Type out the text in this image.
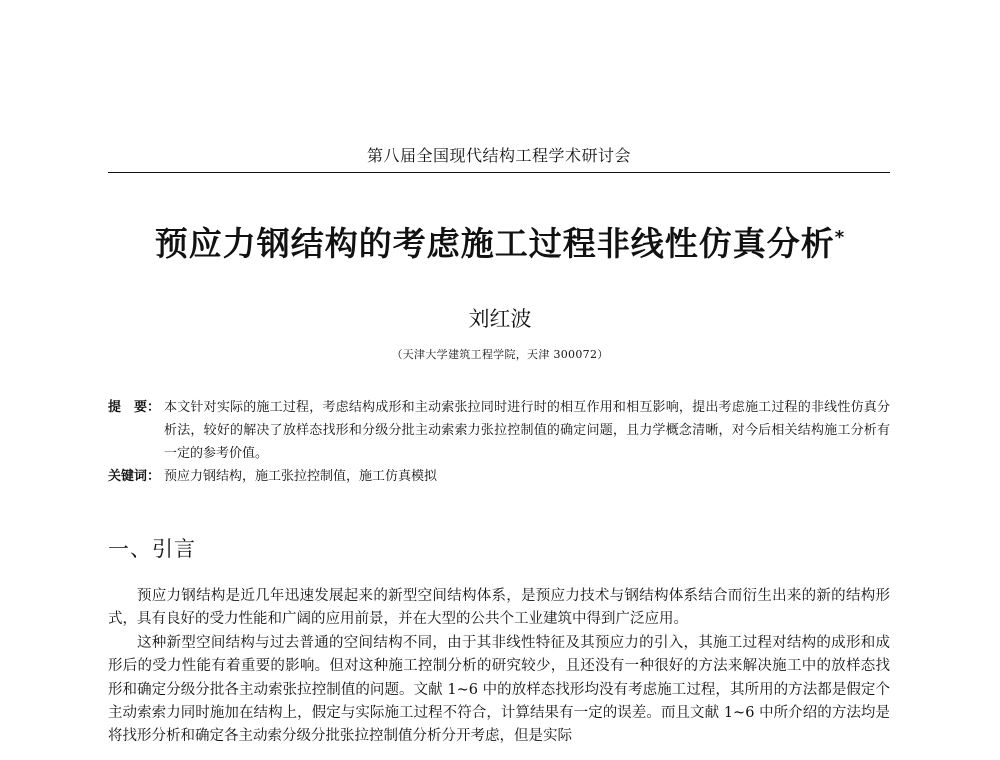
第八届全国现代结构工程学术研讨会
预应力钢结构的考虑施工过程非线性仿真分析*
刘红波
（天津大学建筑工程学院，天津 300072）
提　要： 本文针对实际的施工过程，考虑结构成形和主动索张拉同时进行时的相互作用和相互影响，提出考虑施工过程的非线性仿真分析法，较好的解决了放样态找形和分级分批主动索索力张拉控制值的确定问题，且力学概念清晰，对今后相关结构施工分析有一定的参考价值。
关键词： 预应力钢结构，施工张拉控制值，施工仿真模拟
一、引言

预应力钢结构是近几年迅速发展起来的新型空间结构体系，是预应力技术与钢结构体系结合而衍生出来的新的结构形式，具有良好的受力性能和广阔的应用前景，并在大型的公共个工业建筑中得到广泛应用。

这种新型空间结构与过去普通的空间结构不同，由于其非线性特征及其预应力的引入，其施工过程对结构的成形和成形后的受力性能有着重要的影响。但对这种施工控制分析的研究较少，且还没有一种很好的方法来解决施工中的放样态找形和确定分级分批各主动索张拉控制值的问题。文献 1~6 中的放样态找形均没有考虑施工过程，其所用的方法都是假定个主动索索力同时施加在结构上，假定与实际施工过程不符合，计算结果有一定的误差。而且文献 1~6 中所介绍的方法均是将找形分析和确定各主动索分级分批张拉控制值分析分开考虑，但是实际
